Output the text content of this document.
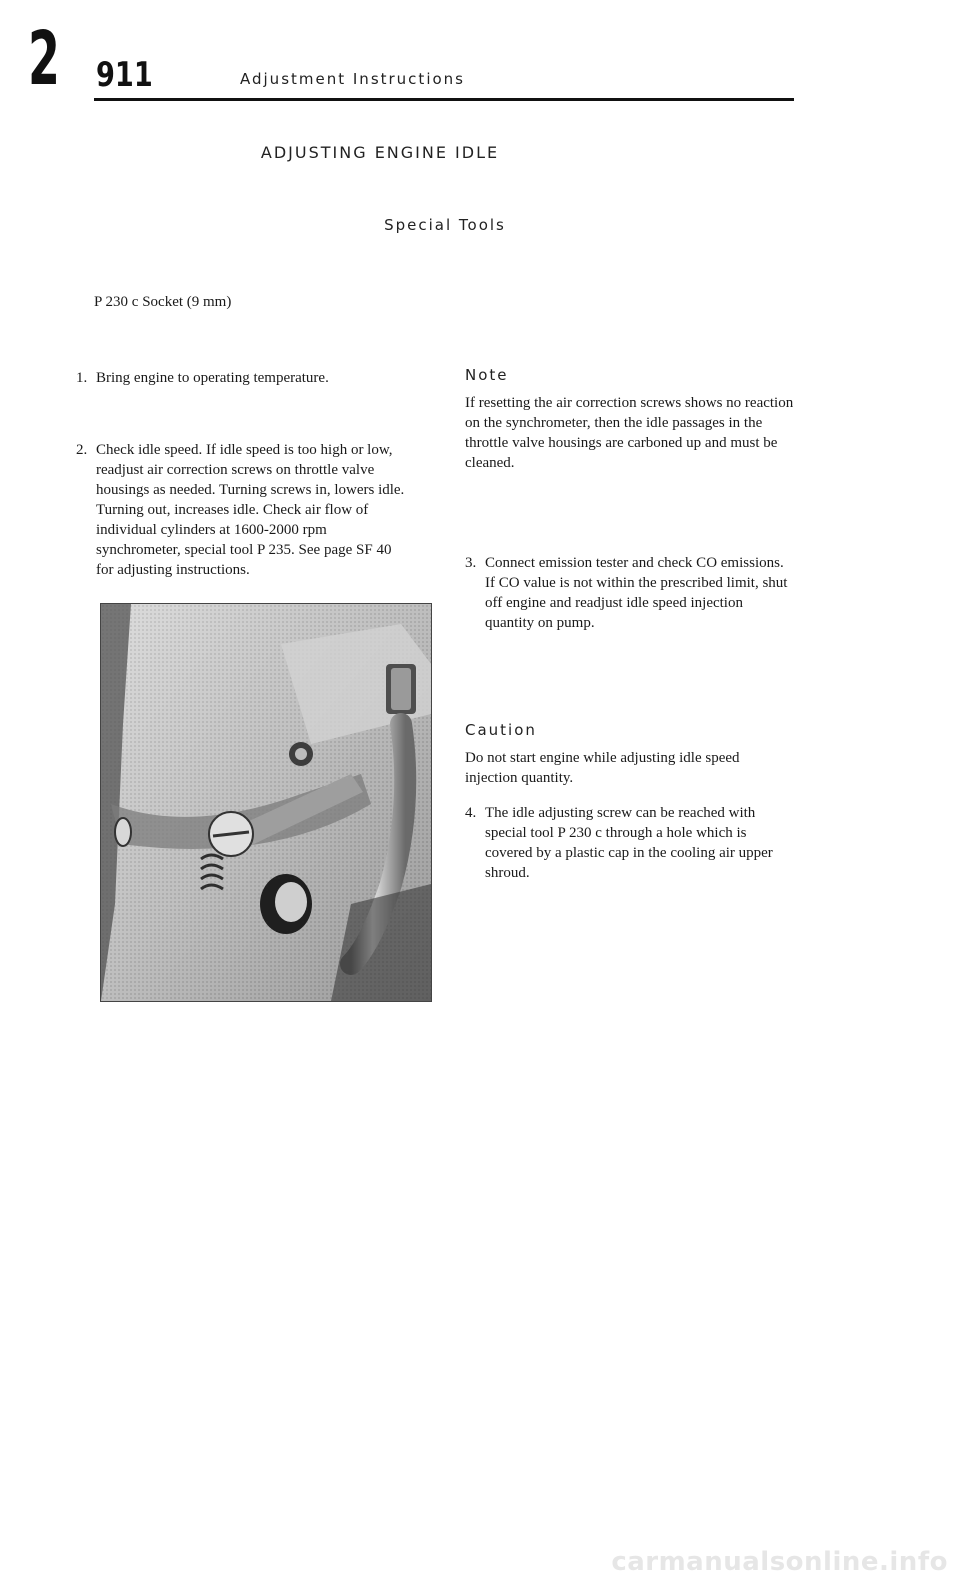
2 911	Adjustment Instructions
ADJUSTING ENGINE IDLE
Special Tools
P 230 c Socket (9 mm)
1. Bring engine to operating temperature.
2. Check idle speed. If idle speed is too high or low, readjust air correction screws on throttle valve housings as needed. Turning screws in, lowers idle. Turning out, increases idle. Check air flow of individual cylinders at 1600-2000 rpm synchrometer, special tool P 235. See page SF 40 for adjusting instructions.
Note
If resetting the air correction screws shows no reaction on the synchrometer, then the idle passages in the throttle valve housings are carboned up and must be cleaned.
3. Connect emission tester and check CO emissions. If CO value is not within the prescribed limit, shut off engine and readjust idle speed injection quantity on pump.
Caution
Do not start engine while adjusting idle speed injection quantity.
4. The idle adjusting screw can be reached with special tool P 230 c through a hole which is covered by a plastic cap in the cooling air upper shroud.
carmanualsonline.info
